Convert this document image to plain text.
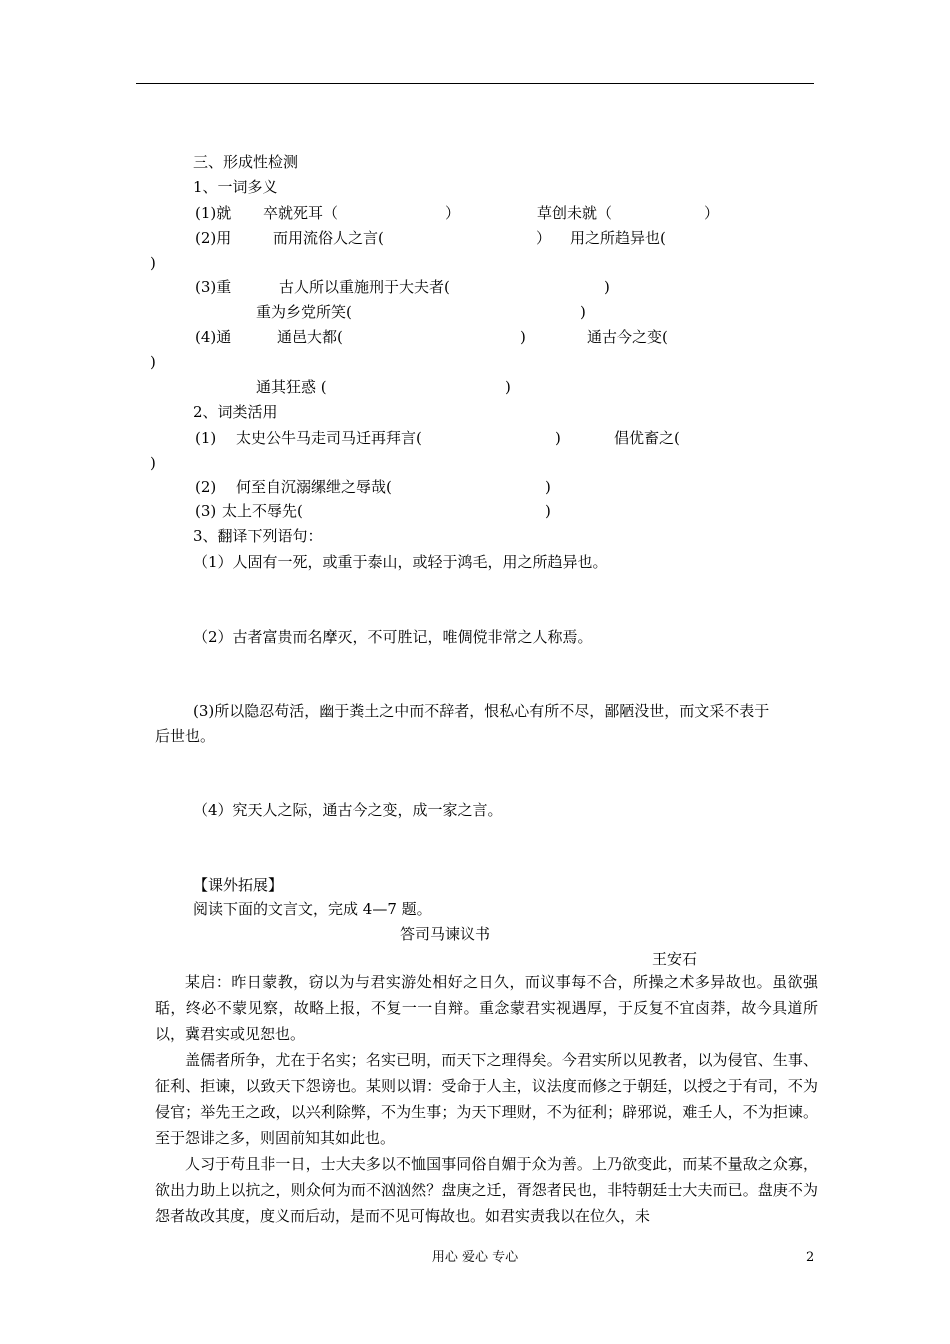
三、形成性检测
1、一词多义
(1)就 卒就死耳（	）	草创未就（	）
(2)用	而用流俗人之言(	） 用之所趋异也(
)
(3)重	古人所以重施刑于大夫者(	)
重为乡党所笑(	)
(4)通	通邑大都(	)	通古今之变(
)
通其狂惑 (	)
2、词类活用
(1) 太史公牛马走司马迁再拜言(	)	倡优畜之(
)
(2) 何至自沉溺缧绁之辱哉(	)
(3) 太上不辱先(	)
3、翻译下列语句：
（1）人固有一死，或重于泰山，或轻于鸿毛，用之所趋异也。
（2）古者富贵而名摩灭，不可胜记，唯倜傥非常之人称焉。
(3)所以隐忍苟活，幽于粪土之中而不辞者，恨私心有所不尽，鄙陋没世，而文采不表于
后世也。
（4）究天人之际，通古今之变，成一家之言。
【课外拓展】
阅读下面的文言文，完成 4—7 题。
答司马谏议书
王安石

某启：昨日蒙教，窃以为与君实游处相好之日久，而议事每不合，所操之术多异故也。虽欲强聒，终必不蒙见察，故略上报，不复一一自辩。重念蒙君实视遇厚，于反复不宜卤莽，故今具道所以，冀君实或见恕也。

盖儒者所争，尤在于名实；名实已明，而天下之理得矣。今君实所以见教者，以为侵官、生事、征利、拒谏，以致天下怨谤也。某则以谓：受命于人主，议法度而修之于朝廷，以授之于有司，不为侵官；举先王之政，以兴利除弊，不为生事；为天下理财，不为征利；辟邪说，难壬人，不为拒谏。至于怨诽之多，则固前知其如此也。

人习于苟且非一日，士大夫多以不恤国事同俗自媚于众为善。上乃欲变此，而某不量敌之众寡，欲出力助上以抗之，则众何为而不汹汹然？盘庚之迁，胥怨者民也，非特朝廷士大夫而已。盘庚不为怨者故改其度，度义而后动，是而不见可悔故也。如君实责我以在位久，未

用心 爱心 专心	2
